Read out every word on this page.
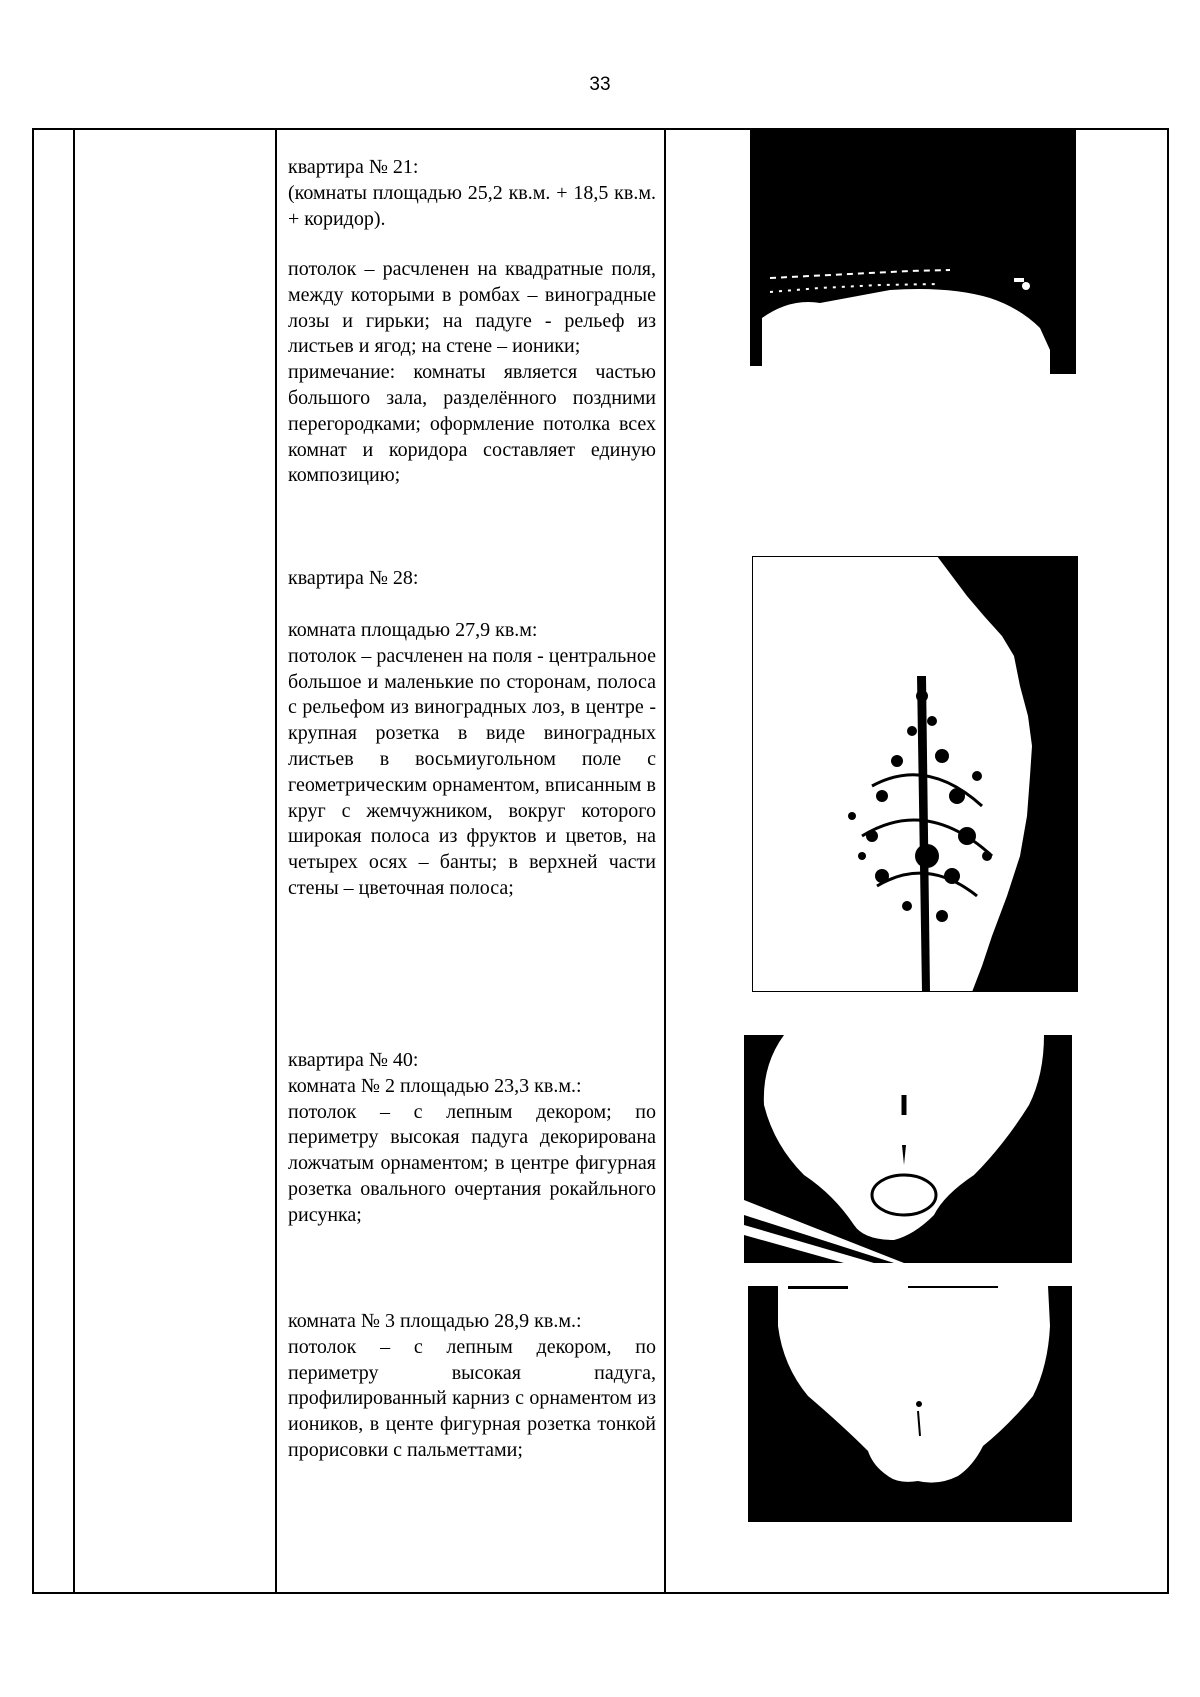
33

квартира № 21:

(комнаты площадью 25,2 кв.м. + 18,5 кв.м. + коридор).

потолок – расчленен на квадратные поля, между которыми в ромбах – виноградные лозы и гирьки; на падуге - рельеф из листьев и ягод; на стене – ионики;

примечание: комнаты является частью большого зала, разделённого поздними перегородками; оформление потолка всех комнат и коридора составляет единую композицию;

квартира № 28:

комната площадью 27,9 кв.м:

потолок – расчленен на поля - центральное большое и маленькие по сторонам, полоса с рельефом из виноградных лоз, в центре - крупная розетка в виде виноградных листьев в восьмиугольном поле с геометрическим орнаментом, вписанным в круг с жемчужником, вокруг которого широкая полоса из фруктов и цветов, на четырех осях – банты; в верхней части стены – цветочная полоса;

квартира № 40:

комната № 2 площадью 23,3 кв.м.:

потолок – с лепным декором; по периметру высокая падуга декорирована ложчатым орнаментом; в центре фигурная розетка овального очертания рокайльного рисунка;

комната № 3 площадью 28,9 кв.м.:

потолок – с лепным декором, по периметру высокая падуга, профилированный карниз с орнаментом из иоников, в центе фигурная розетка тонкой прорисовки с пальметтами;
